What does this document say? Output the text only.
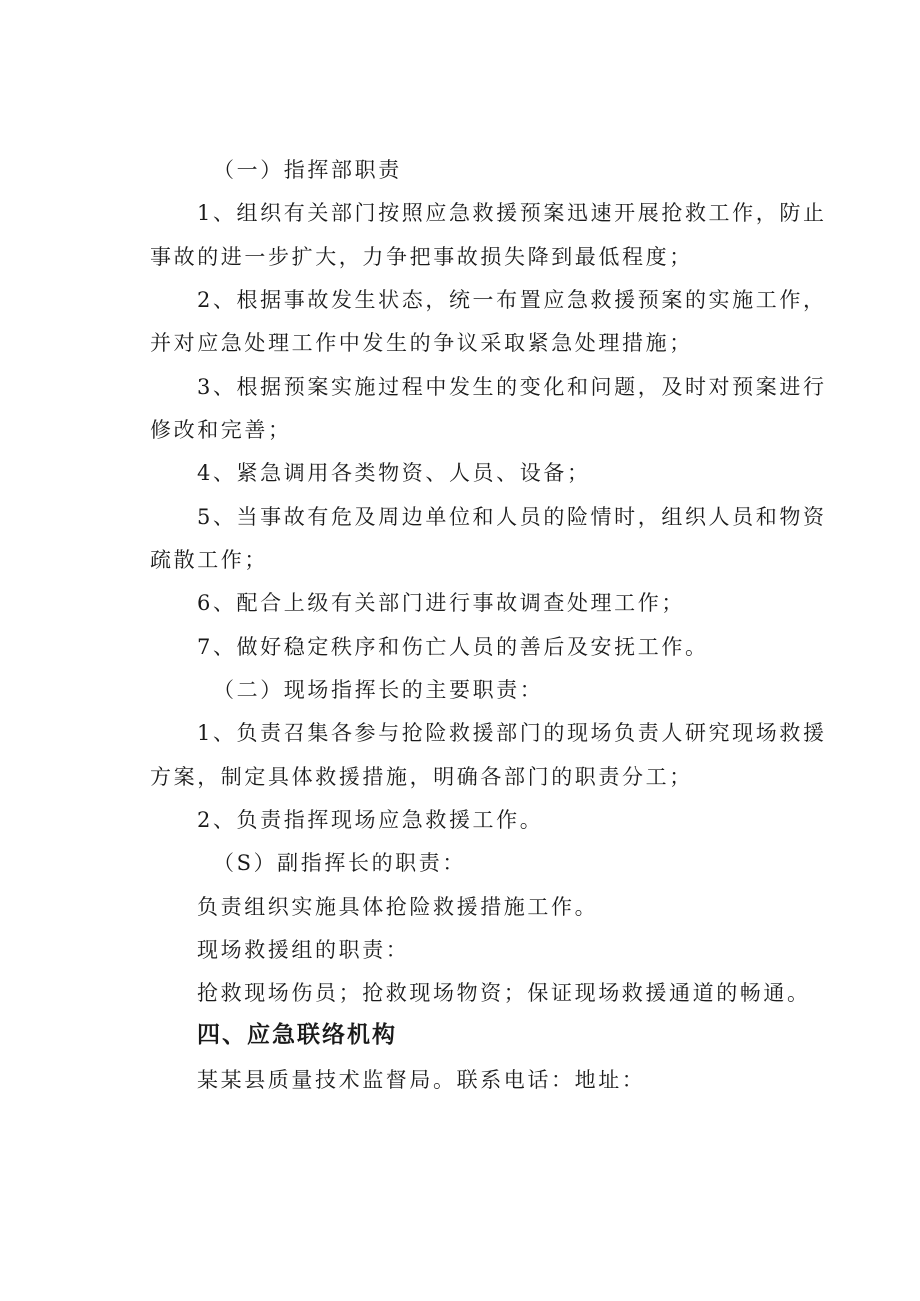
（一）指挥部职责
1、组织有关部门按照应急救援预案迅速开展抢救工作，防止
事故的进一步扩大，力争把事故损失降到最低程度；
2、根据事故发生状态，统一布置应急救援预案的实施工作，
并对应急处理工作中发生的争议采取紧急处理措施；
3、根据预案实施过程中发生的变化和问题，及时对预案进行
修改和完善；
4、紧急调用各类物资、人员、设备；
5、当事故有危及周边单位和人员的险情时，组织人员和物资
疏散工作；
6、配合上级有关部门进行事故调查处理工作；
7、做好稳定秩序和伤亡人员的善后及安抚工作。
（二）现场指挥长的主要职责：
1、负责召集各参与抢险救援部门的现场负责人研究现场救援
方案，制定具体救援措施，明确各部门的职责分工；
2、负责指挥现场应急救援工作。
（S）副指挥长的职责：
负责组织实施具体抢险救援措施工作。
现场救援组的职责：
抢救现场伤员；抢救现场物资；保证现场救援通道的畅通。
四、应急联络机构
某某县质量技术监督局。联系电话：地址：
